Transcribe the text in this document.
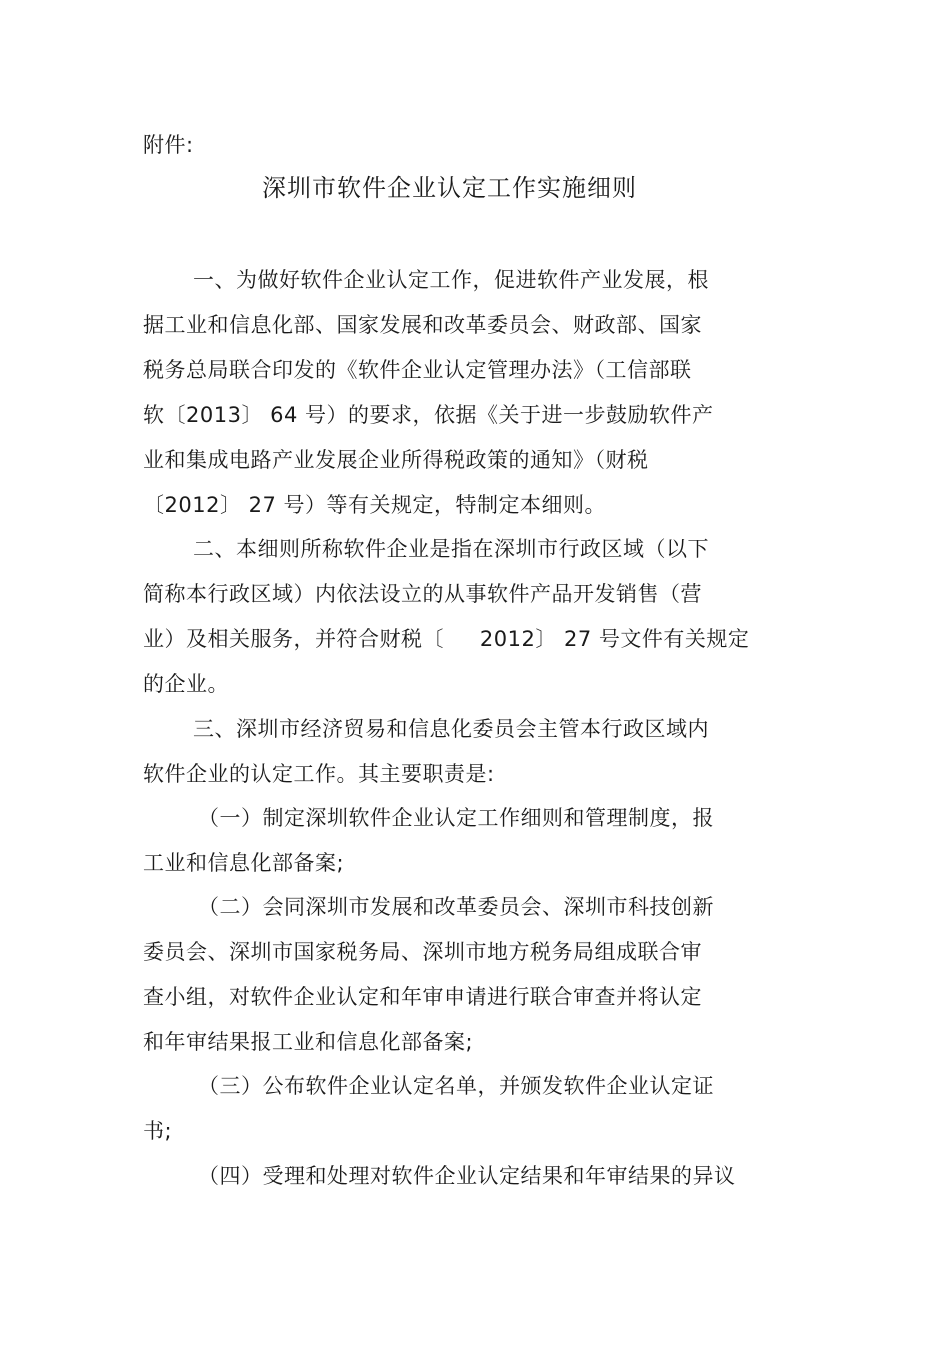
附件:
深圳市软件企业认定工作实施细则
一、为做好软件企业认定工作，促进软件产业发展，根
据工业和信息化部、国家发展和改革委员会、财政部、国家
税务总局联合印发的《软件企业认定管理办法》（工信部联
软〔2013〕 64 号）的要求，依据《关于进一步鼓励软件产
业和集成电路产业发展企业所得税政策的通知》（财税
〔2012〕 27 号）等有关规定，特制定本细则。
二、本细则所称软件企业是指在深圳市行政区域（以下
简称本行政区域）内依法设立的从事软件产品开发销售（营
业）及相关服务，并符合财税〔     2012〕 27 号文件有关规定
的企业。
三、深圳市经济贸易和信息化委员会主管本行政区域内
软件企业的认定工作。其主要职责是:
（一）制定深圳软件企业认定工作细则和管理制度，报
工业和信息化部备案;
（二）会同深圳市发展和改革委员会、深圳市科技创新
委员会、深圳市国家税务局、深圳市地方税务局组成联合审
查小组，对软件企业认定和年审申请进行联合审查并将认定
和年审结果报工业和信息化部备案;
（三）公布软件企业认定名单，并颁发软件企业认定证
书;
（四）受理和处理对软件企业认定结果和年审结果的异议
